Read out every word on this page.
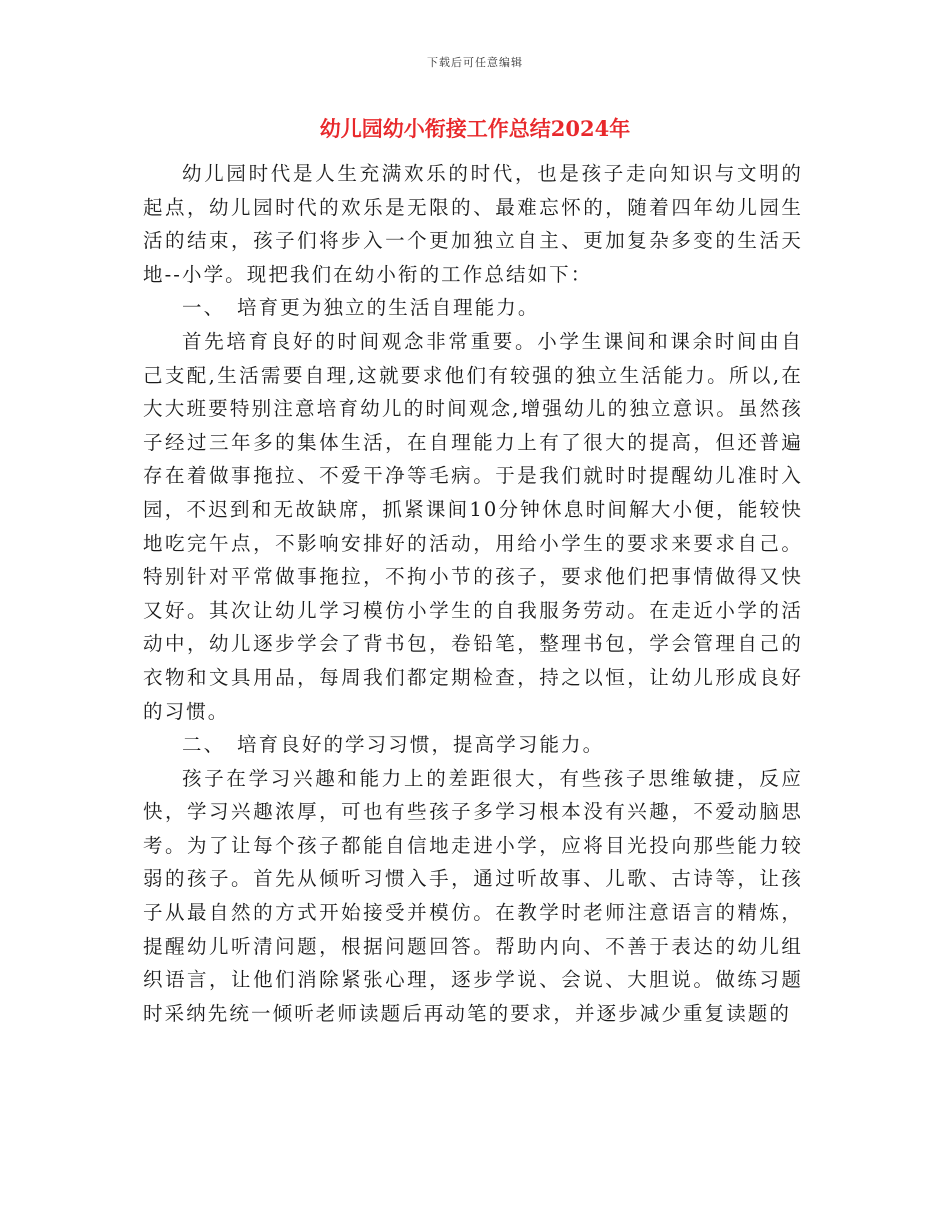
下载后可任意编辑
幼儿园幼小衔接工作总结2024年

幼儿园时代是人生充满欢乐的时代，也是孩子走向知识与文明的起点，幼儿园时代的欢乐是无限的、最难忘怀的，随着四年幼儿园生活的结束，孩子们将步入一个更加独立自主、更加复杂多变的生活天地--小学。现把我们在幼小衔的工作总结如下：

一、　培育更为独立的生活自理能力。

首先培育良好的时间观念非常重要。小学生课间和课余时间由自己支配,生活需要自理,这就要求他们有较强的独立生活能力。所以,在大大班要特别注意培育幼儿的时间观念,增强幼儿的独立意识。虽然孩子经过三年多的集体生活，在自理能力上有了很大的提高，但还普遍存在着做事拖拉、不爱干净等毛病。于是我们就时时提醒幼儿准时入园，不迟到和无故缺席，抓紧课间10分钟休息时间解大小便，能较快地吃完午点，不影响安排好的活动，用给小学生的要求来要求自己。特别针对平常做事拖拉，不拘小节的孩子，要求他们把事情做得又快又好。其次让幼儿学习模仿小学生的自我服务劳动。在走近小学的活动中，幼儿逐步学会了背书包，卷铅笔，整理书包，学会管理自己的衣物和文具用品，每周我们都定期检查，持之以恒，让幼儿形成良好的习惯。

二、　培育良好的学习习惯，提高学习能力。

孩子在学习兴趣和能力上的差距很大，有些孩子思维敏捷，反应快，学习兴趣浓厚，可也有些孩子多学习根本没有兴趣，不爱动脑思考。为了让每个孩子都能自信地走进小学，应将目光投向那些能力较弱的孩子。首先从倾听习惯入手，通过听故事、儿歌、古诗等，让孩子从最自然的方式开始接受并模仿。在教学时老师注意语言的精炼，提醒幼儿听清问题，根据问题回答。帮助内向、不善于表达的幼儿组织语言，让他们消除紧张心理，逐步学说、会说、大胆说。做练习题时采纳先统一倾听老师读题后再动笔的要求，并逐步减少重复读题的
